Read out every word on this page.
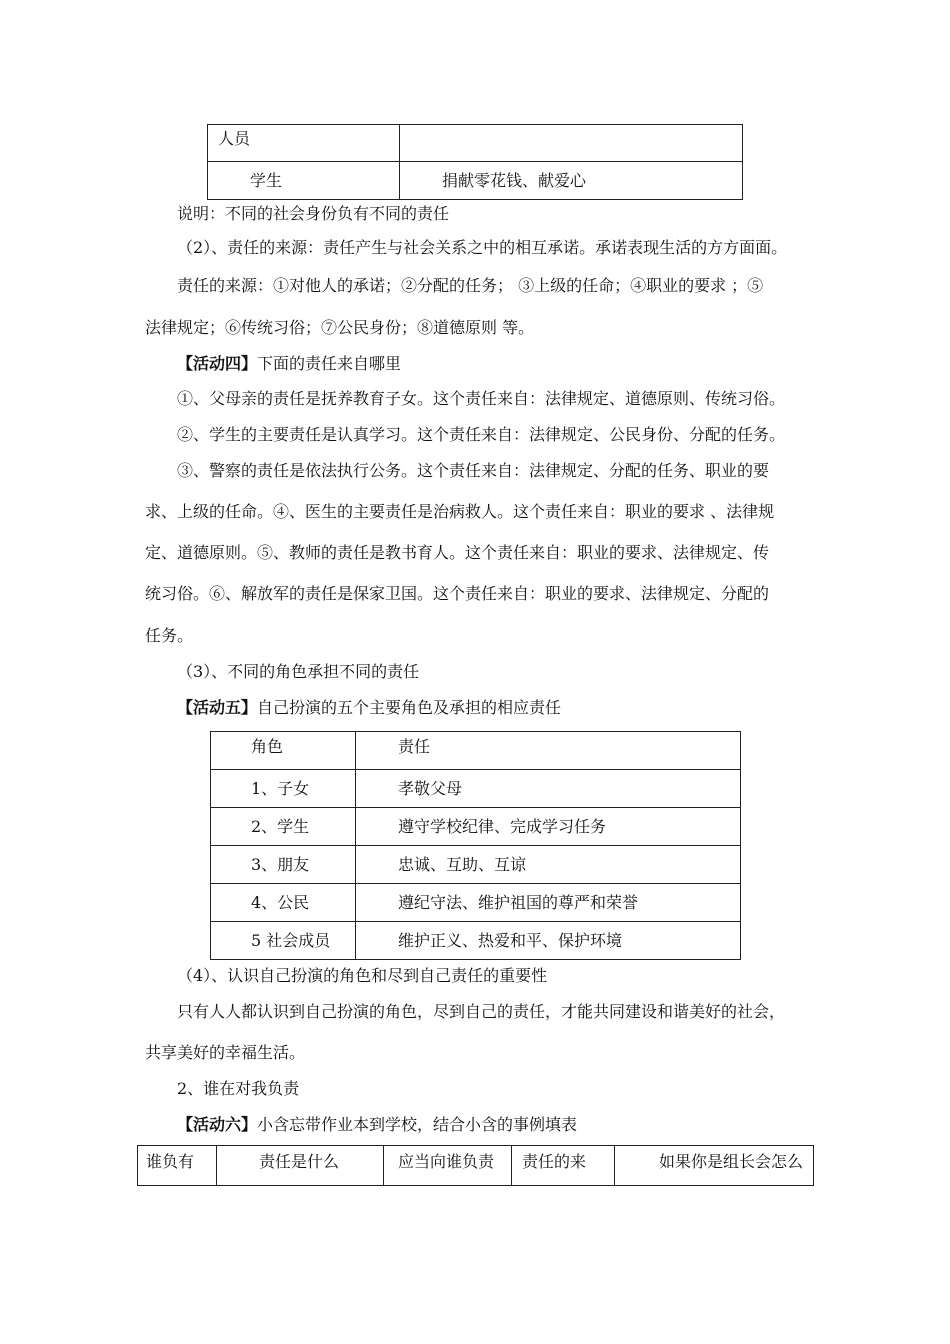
人员	
学生	捐献零花钱、献爱心
说明：不同的社会身份负有不同的责任
（2）、责任的来源：责任产生与社会关系之中的相互承诺。承诺表现生活的方方面面。
责任的来源：①对他人的承诺；②分配的任务； ③上级的任命；④职业的要求 ；⑤
法律规定；⑥传统习俗；⑦公民身份；⑧道德原则 等。
【活动四】下面的责任来自哪里
①、父母亲的责任是抚养教育子女。这个责任来自：法律规定、道德原则、传统习俗。
②、学生的主要责任是认真学习。这个责任来自：法律规定、公民身份、分配的任务。
③、警察的责任是依法执行公务。这个责任来自：法律规定、分配的任务、职业的要
求、上级的任命。④、医生的主要责任是治病救人。这个责任来自：职业的要求 、法律规
定、道德原则。⑤、教师的责任是教书育人。这个责任来自：职业的要求、法律规定、传
统习俗。⑥、解放军的责任是保家卫国。这个责任来自：职业的要求、法律规定、分配的
任务。
（3）、不同的角色承担不同的责任
【活动五】自己扮演的五个主要角色及承担的相应责任
角色	责任
1、子女	孝敬父母
2、学生	遵守学校纪律、完成学习任务
3、朋友	忠诚、互助、互谅
4、公民	遵纪守法、维护祖国的尊严和荣誉
5 社会成员	维护正义、热爱和平、保护环境
（4）、认识自己扮演的角色和尽到自己责任的重要性
只有人人都认识到自己扮演的角色，尽到自己的责任，才能共同建设和谐美好的社会，
共享美好的幸福生活。
2、谁在对我负责
【活动六】小含忘带作业本到学校，结合小含的事例填表
谁负有	责任是什么	应当向谁负责	责任的来	如果你是组长会怎么
